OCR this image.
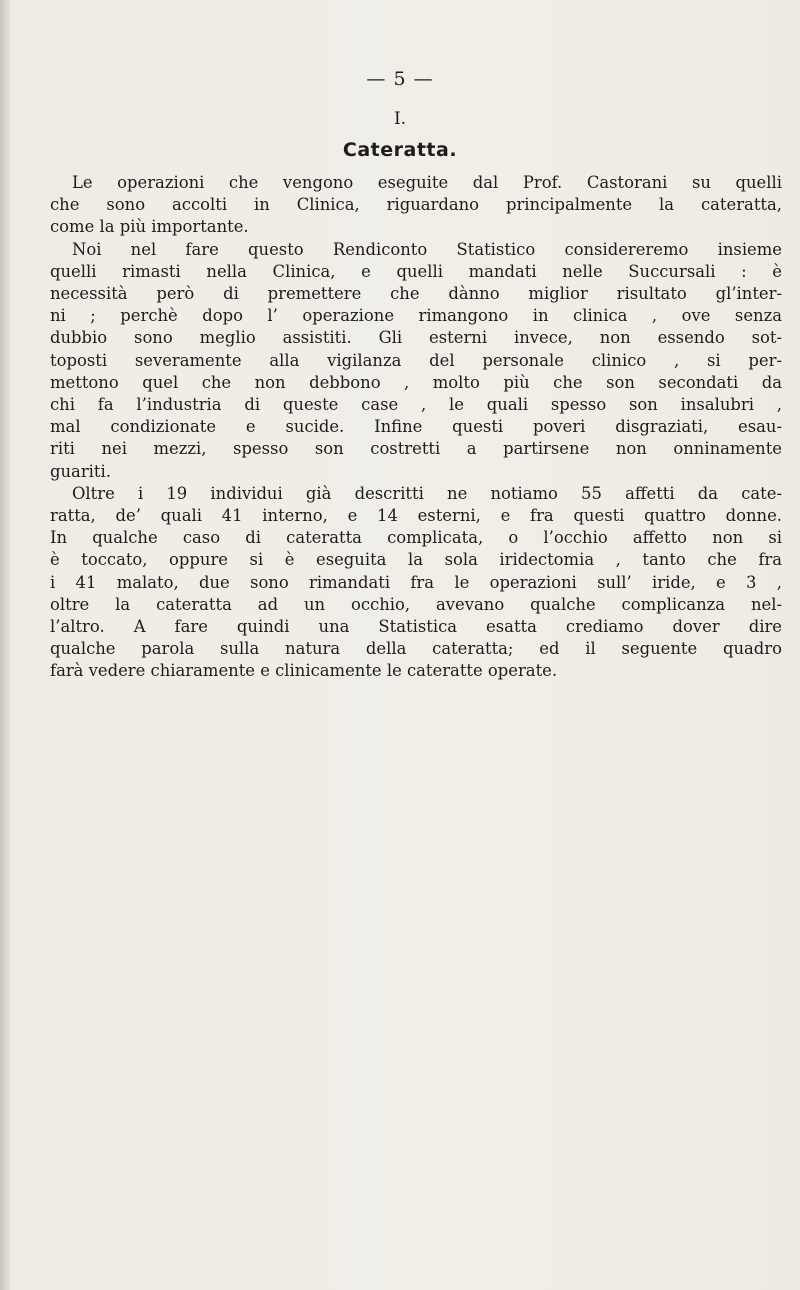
— 5 —
I.
Cateratta.

Le operazioni che vengono eseguite dal Prof. Castorani su quelli
che sono accolti in Clinica, riguardano principalmente la cateratta,
come la più importante.

Noi nel fare questo Rendiconto Statistico considereremo insieme
quelli rimasti nella Clinica, e quelli mandati nelle Succursali : è
necessità però di premettere che dànno miglior risultato gl’inter-
ni ; perchè dopo l’ operazione rimangono in clinica , ove senza
dubbio sono meglio assistiti. Gli esterni invece, non essendo sot-
toposti severamente alla vigilanza del personale clinico , si per-
mettono quel che non debbono , molto più che son secondati da
chi fa l’industria di queste case , le quali spesso son insalubri ,
mal condizionate e sucide. Infine questi poveri disgraziati, esau-
riti nei mezzi, spesso son costretti a partirsene non onninamente
guariti.

Oltre i 19 individui già descritti ne notiamo 55 affetti da cate-
ratta, de’ quali 41 interno, e 14 esterni, e fra questi quattro donne.
In qualche caso di cateratta complicata, o l’occhio affetto non si
è toccato, oppure si è eseguita la sola iridectomia , tanto che fra
i 41 malato, due sono rimandati fra le operazioni sull’ iride, e 3 ,
oltre la cateratta ad un occhio, avevano qualche complicanza nel-
l’altro. A fare quindi una Statistica esatta crediamo dover dire
qualche parola sulla natura della cateratta; ed il seguente quadro
farà vedere chiaramente e clinicamente le cateratte operate.
